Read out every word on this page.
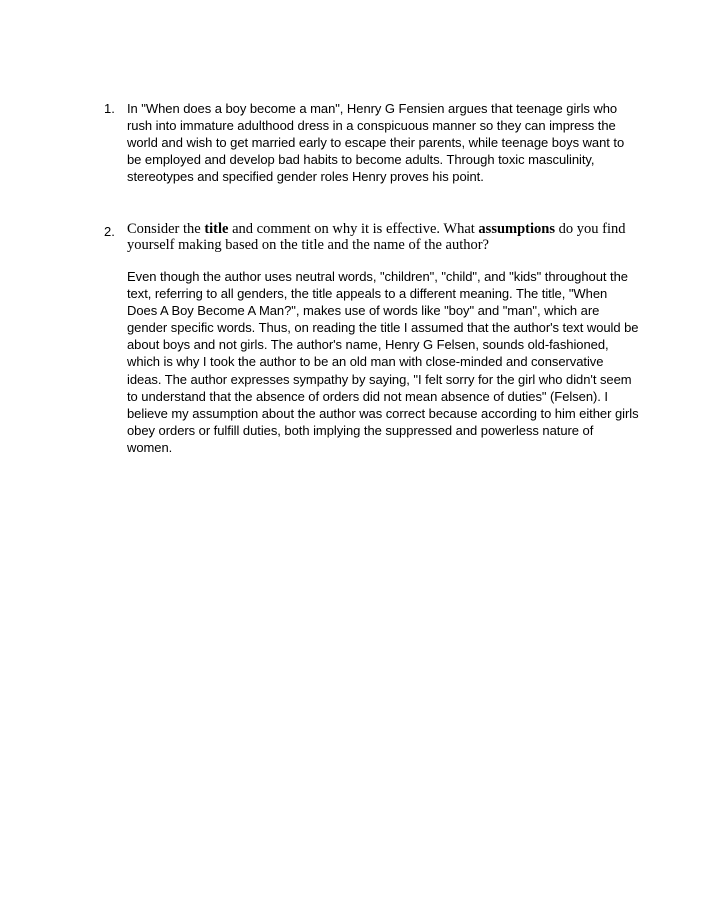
1. In "When does a boy become a man", Henry G Fensien argues that teenage girls who rush into immature adulthood dress in a conspicuous manner so they can impress the world and wish to get married early to escape their parents, while teenage boys want to be employed and develop bad habits to become adults. Through toxic masculinity, stereotypes and specified gender roles Henry proves his point.
2. Consider the title and comment on why it is effective. What assumptions do you find yourself making based on the title and the name of the author?
Even though the author uses neutral words, "children", "child", and "kids" throughout the text, referring to all genders, the title appeals to a different meaning. The title, "When Does A Boy Become A Man?", makes use of words like "boy" and "man", which are gender specific words. Thus, on reading the title I assumed that the author's text would be about boys and not girls. The author's name, Henry G Felsen, sounds old-fashioned, which is why I took the author to be an old man with close-minded and conservative ideas. The author expresses sympathy by saying, "I felt sorry for the girl who didn't seem to understand that the absence of orders did not mean absence of duties" (Felsen). I believe my assumption about the author was correct because according to him either girls obey orders or fulfill duties, both implying the suppressed and powerless nature of women.
